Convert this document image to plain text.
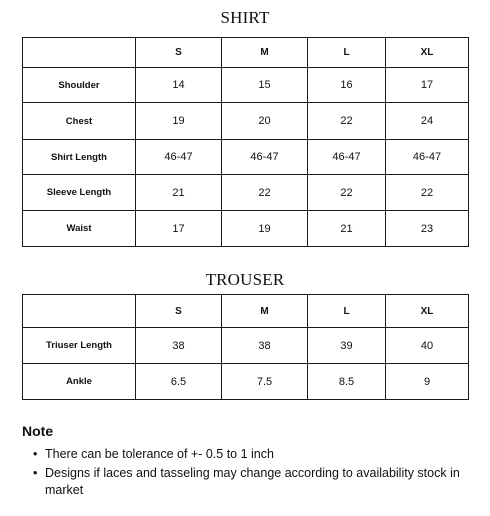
SHIRT
	S	M	L	XL
Shoulder	14	15	16	17
Chest	19	20	22	24
Shirt Length	46-47	46-47	46-47	46-47
Sleeve Length	21	22	22	22
Waist	17	19	21	23
TROUSER
	S	M	L	XL
Triuser Length	38	38	39	40
Ankle	6.5	7.5	8.5	9
Note
• There can be tolerance of +- 0.5 to 1 inch
• Designs if laces and tasseling may change according to availability stock in market
